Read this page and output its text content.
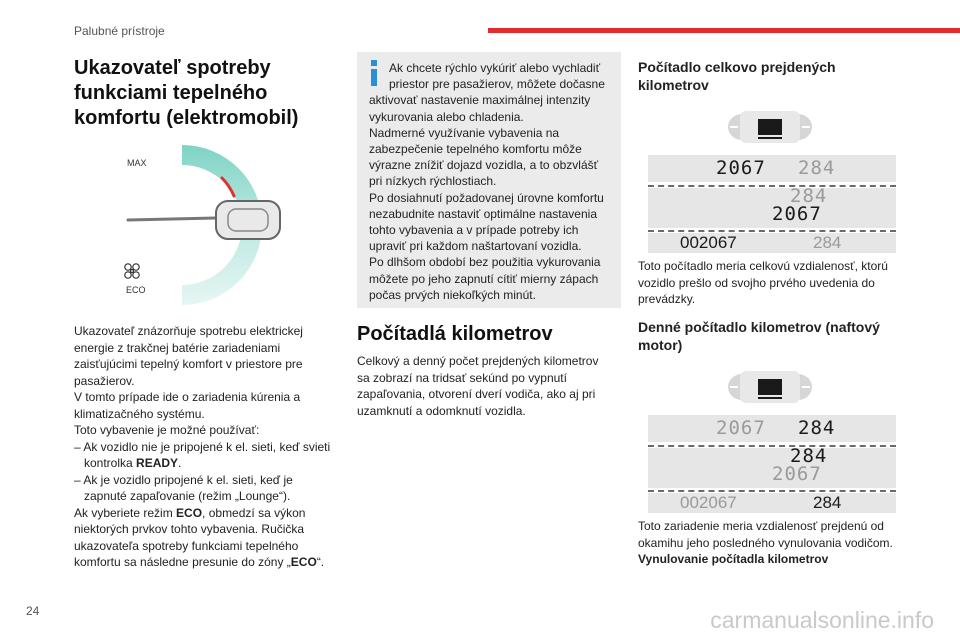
Palubné prístroje
Ukazovateľ spotreby funkciami tepelného komfortu (elektromobil)
MAX
ECO

Ukazovateľ znázorňuje spotrebu elektrickej

energie z trakčnej batérie zariadeniami

zaisťujúcimi tepelný komfort v priestore pre

pasažierov.

V tomto prípade ide o zariadenia kúrenia a

klimatizačného systému.

Toto vybavenie je možné používať:

– Ak vozidlo nie je pripojené k el. sieti, keď svieti

kontrolka READY.

– Ak je vozidlo pripojené k el. sieti, keď je

zapnuté zapaľovanie (režim „Lounge“).

Ak vyberiete režim ECO, obmedzí sa výkon

niektorých prvkov tohto vybavenia. Ručička

ukazovateľa spotreby funkciami tepelného

komfortu sa následne presunie do zóny „ECO“.

Ak chcete rýchlo vykúriť alebo vychladiť

priestor pre pasažierov, môžete dočasne

aktivovať nastavenie maximálnej intenzity

vykurovania alebo chladenia.

Nadmerné využívanie vybavenia na

zabezpečenie tepelného komfortu môže

výrazne znížiť dojazd vozidla, a to obzvlášť

pri nízkych rýchlostiach.

Po dosiahnutí požadovanej úrovne komfortu

nezabudnite nastaviť optimálne nastavenia

tohto vybavenia a v prípade potreby ich

upraviť pri každom naštartovaní vozidla.

Po dlhšom období bez použitia vykurovania

môžete po jeho zapnutí cítiť mierny zápach

počas prvých niekoľkých minút.

Počítadlá kilometrov

Celkový a denný počet prejdených kilometrov

sa zobrazí na tridsať sekúnd po vypnutí

zapaľovania, otvorení dverí vodiča, ako aj pri

uzamknutí a odomknutí vozidla.

Počítadlo celkovo prejdených
kilometrov
2067 284
284
2067
002067	284

Toto počítadlo meria celkovú vzdialenosť, ktorú

vozidlo prešlo od svojho prvého uvedenia do

prevádzky.

Denné počítadlo kilometrov (naftový
motor)
2067 284
284
2067
002067	284

Toto zariadenie meria vzdialenosť prejdenú od

okamihu jeho posledného vynulovania vodičom.

Vynulovanie počítadla kilometrov

24	carmanualsonline.info
